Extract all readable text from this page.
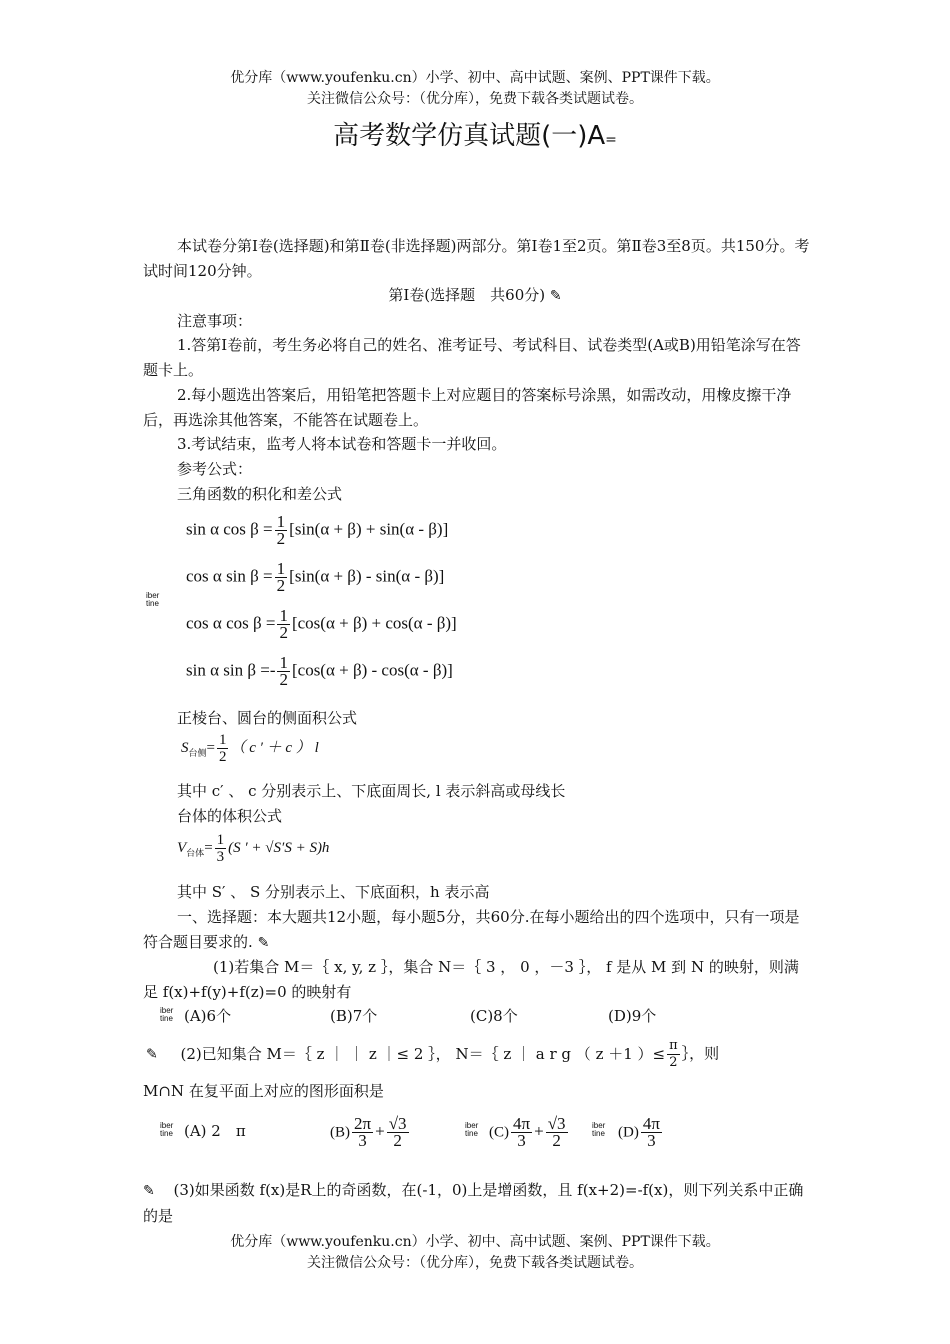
优分库（www.youfenku.cn）小学、初中、高中试题、案例、PPT课件下载。
关注微信公众号：（优分库），免费下载各类试题试卷。
高考数学仿真试题(一)A=
本试卷分第Ⅰ卷(选择题)和第Ⅱ卷(非选择题)两部分。第Ⅰ卷1至2页。第Ⅱ卷3至8页。共150分。考试时间120分钟。
第Ⅰ卷(选择题　共60分) ✎
注意事项：
1.答第Ⅰ卷前，考生务必将自己的姓名、准考证号、考试科目、试卷类型(A或B)用铅笔涂写在答题卡上。
2.每小题选出答案后，用铅笔把答题卡上对应题目的答案标号涂黑，如需改动，用橡皮擦干净后，再选涂其他答案，不能答在试题卷上。
3.考试结束，监考人将本试卷和答题卡一并收回。
参考公式：
三角函数的积化和差公式
sin α $\cos \beta = \frac{1}{2} [\sin(\alpha + \beta) + \sin(\alpha - \beta)]$
cos α $\sin \beta = \frac{1}{2} [\sin(\alpha + \beta) - \sin(\alpha - \beta)]$
iber
tine
cos α $\cos \beta = \frac{1}{2} [\cos(\alpha + \beta) + \cos(\alpha - \beta)]$
sin α $\sin \beta =- \frac{1}{2} [\cos(\alpha + \beta) - \cos(\alpha - \beta)]$
正棱台、圆台的侧面积公式
$S_{台侧}= \frac{1}{2}$ （ c ′ ＋ c ） l
其中 c′ 、 c 分别表示上、下底面周长, l 表示斜高或母线长
台体的体积公式
$V_{台体}= \frac{1}{3} (S$ ′ + √S′S + S)h
其中 S′ 、 S 分别表示上、下底面积，h 表示高
一、选择题：本大题共12小题，每小题5分，共60分.在每小题给出的四个选项中，只有一项是符合题目要求的. ✎
(1)若集合 M＝｛ x, y, z ｝，集合 N＝｛ 3 ， 0 ，－3 ｝， f 是从 M 到 N 的映射，则满足 f(x)+f(y)+f(z)=0 的映射有
iber
tine (A)6个	(B)7个	(C)8个	(D)9个
✎ (2)已知集合 M＝｛ z ｜ ｜ z ｜≤ 2 ｝， N＝｛ z ｜ a r g （ z ＋1 ）≤ $\frac{\pi}{2}$ ｝，则
M∩N 在复平面上对应的图形面积是
iber
tine (A) 2　π	$(B) \frac{2\pi}{3} + \frac{√3}{2}$	iber
tine $(C) \frac{4\pi}{3} + \frac{√3}{2}$	iber
tine $(D) \frac{4\pi}{3}$
✎ (3)如果函数 f(x)是R上的奇函数，在(-1，0)上是增函数，且 f(x+2)=-f(x)，则下列关系中正确的是
优分库（www.youfenku.cn）小学、初中、高中试题、案例、PPT课件下载。
关注微信公众号：（优分库），免费下载各类试题试卷。
